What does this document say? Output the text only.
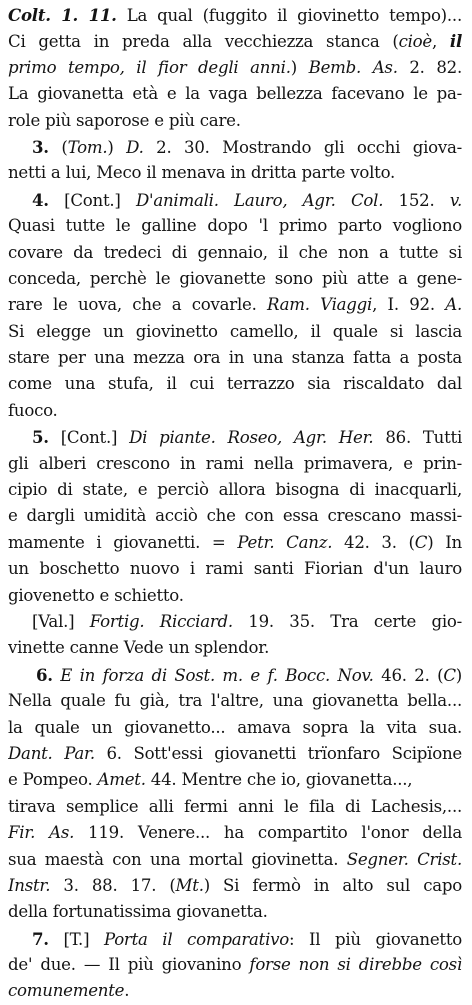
Colt. 1. 11. La qual (fuggito il giovinetto tempo)...
Ci getta in preda alla vecchiezza stanca (cioè, il
primo tempo, il fior degli anni.) Bemb. As. 2. 82.
La giovanetta età e la vaga bellezza facevano le pa-
role più saporose e più care.
3. (Tom.) D. 2. 30. Mostrando gli occhi giova-
netti a lui, Meco il menava in dritta parte volto.
4. [Cont.] D'animali. Lauro, Agr. Col. 152. v.
Quasi tutte le galline dopo 'l primo parto vogliono
covare da tredeci di gennaio, il che non a tutte si
conceda, perchè le giovanette sono più atte a gene-
rare le uova, che a covarle. Ram. Viaggi, I. 92. A.
Si elegge un giovinetto camello, il quale si lascia
stare per una mezza ora in una stanza fatta a posta
come una stufa, il cui terrazzo sia riscaldato dal
fuoco.
5. [Cont.] Di piante. Roseo, Agr. Her. 86. Tutti
gli alberi crescono in rami nella primavera, e prin-
cipio di state, e perciò allora bisogna di inacquarli,
e dargli umidità acciò che con essa crescano massi-
mamente i giovanetti. = Petr. Canz. 42. 3. (C) In
un boschetto nuovo i rami santi Fiorian d'un lauro
giovenetto e schietto.
[Val.] Fortig. Ricciard. 19. 35. Tra certe gio-
vinette canne Vede un splendor.
6. E in forza di Sost. m. e f. Bocc. Nov. 46. 2. (C)
Nella quale fu già, tra l'altre, una giovanetta bella...
la quale un giovanetto... amava sopra la vita sua.
Dant. Par. 6. Sott'essi giovanetti trïonfaro Scipïone
e Pompeo. Amet. 44. Mentre che io, giovanetta...,
tirava semplice alli fermi anni le fila di Lachesis,...
Fir. As. 119. Venere... ha compartito l'onor della
sua maestà con una mortal giovinetta. Segner. Crist.
Instr. 3. 88. 17. (Mt.) Si fermò in alto sul capo
della fortunatissima giovanetta.
7. [T.] Porta il comparativo: Il più giovanetto
de' due. — Il più giovanino forse non si direbbe così
comunemente.
